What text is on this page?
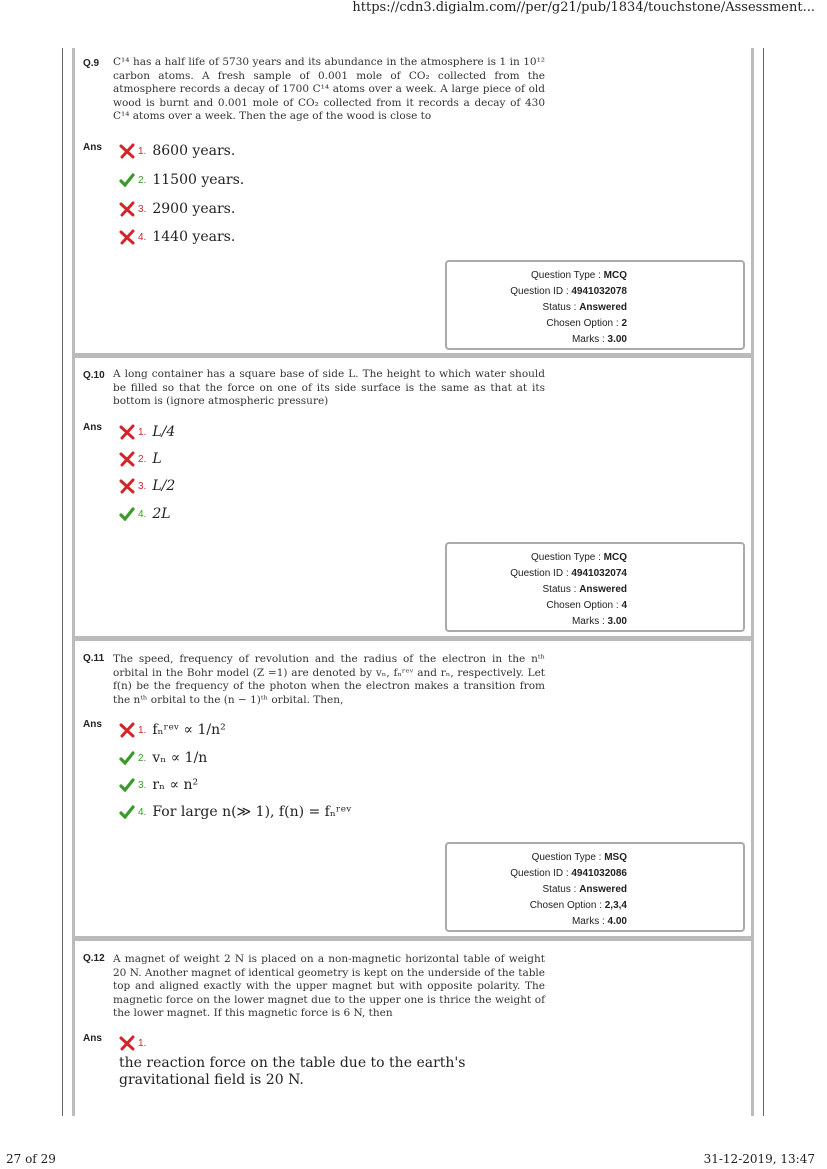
https://cdn3.digialm.com//per/g21/pub/1834/touchstone/Assessment...
Q.9 C¹⁴ has a half life of 5730 years and its abundance in the atmosphere is 1 in 10¹² carbon atoms. A fresh sample of 0.001 mole of CO₂ collected from the atmosphere records a decay of 1700 C¹⁴ atoms over a week. A large piece of old wood is burnt and 0.001 mole of CO₂ collected from it records a decay of 430 C¹⁴ atoms over a week. Then the age of the wood is close to
Ans	1. 8600 years.
2. 11500 years.
3. 2900 years.
4. 1440 years.
Question Type : MCQ
Question ID : 4941032078
Status : Answered
Chosen Option : 2
Marks : 3.00
Q.10 A long container has a square base of side L. The height to which water should be filled so that the force on one of its side surface is the same as that at its bottom is (ignore atmospheric pressure)
Ans	1. L/4
2. L
3. L/2
4. 2L
Question Type : MCQ
Question ID : 4941032074
Status : Answered
Chosen Option : 4
Marks : 3.00
Q.11 The speed, frequency of revolution and the radius of the electron in the nᵗʰ orbital in the Bohr model (Z =1) are denoted by vₙ, fₙʳᵉᵛ and rₙ, respectively. Let f(n) be the frequency of the photon when the electron makes a transition from the nᵗʰ orbital to the (n − 1)ᵗʰ orbital. Then,
Ans	1. fₙʳᵉᵛ ∝ 1/n²
2. vₙ ∝ 1/n
3. rₙ ∝ n²
4. For large n(≫ 1), f(n) = fₙʳᵉᵛ
Question Type : MSQ
Question ID : 4941032086
Status : Answered
Chosen Option : 2,3,4
Marks : 4.00
Q.12 A magnet of weight 2 N is placed on a non-magnetic horizontal table of weight 20 N. Another magnet of identical geometry is kept on the underside of the table top and aligned exactly with the upper magnet but with opposite polarity. The magnetic force on the lower magnet due to the upper one is thrice the weight of the lower magnet. If this magnetic force is 6 N, then
Ans	1.
the reaction force on the table due to the earth's gravitational field is 20 N.
27 of 29	31-12-2019, 13:47
